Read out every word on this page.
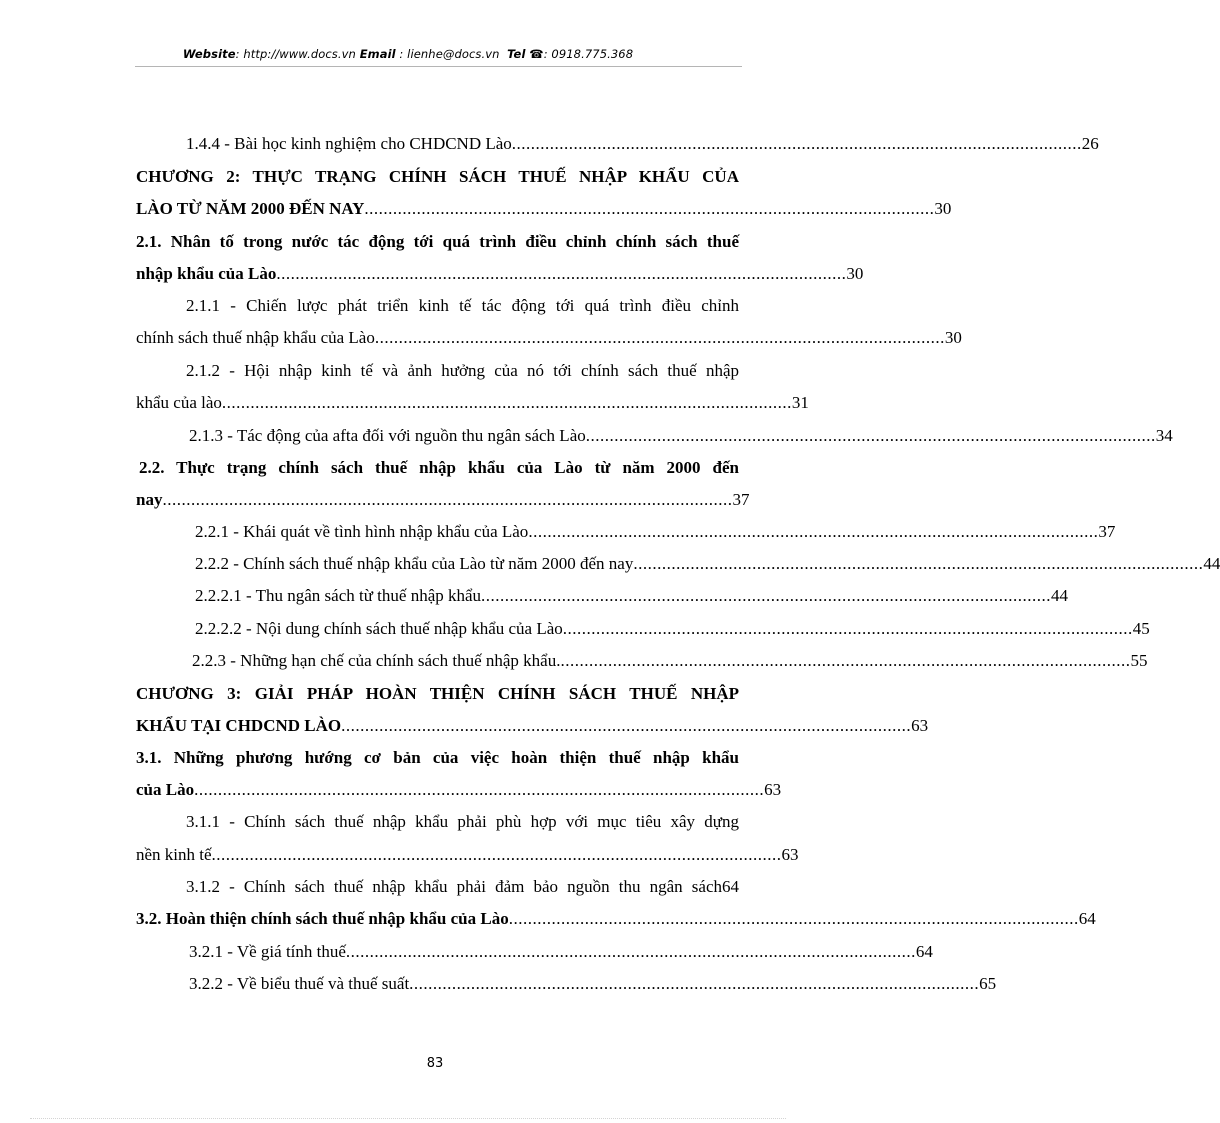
Website: http://www.docs.vn Email : lienhe@docs.vn Tel ☎: 0918.775.368
1.4.4 - Bài học kinh nghiệm cho CHDCND Lào ........................................................................................................................ 26
CHƯƠNG 2: THỰC TRẠNG CHÍNH SÁCH THUẾ NHẬP KHẨU CỦA
LÀO TỪ NĂM 2000 ĐẾN NAY ........................................................................................................................ 30
2.1. Nhân tố trong nước tác động tới quá trình điều chỉnh chính sách thuế
nhập khẩu của Lào ........................................................................................................................ 30
2.1.1 - Chiến lược phát triển kinh tế tác động tới quá trình điều chỉnh
chính sách thuế nhập khẩu của Lào ........................................................................................................................ 30
2.1.2 - Hội nhập kinh tế và ảnh hưởng của nó tới chính sách thuế nhập
khẩu của lào ........................................................................................................................ 31
2.1.3 - Tác động của afta đối với nguồn thu ngân sách Lào ........................................................................................................................ 34
2.2. Thực trạng chính sách thuế nhập khẩu của Lào từ năm 2000 đến
nay ........................................................................................................................ 37
2.2.1 - Khái quát về tình hình nhập khẩu của Lào ........................................................................................................................ 37
2.2.2 - Chính sách thuế nhập khẩu của Lào từ năm 2000 đến nay ........................................................................................................................ 44
2.2.2.1 - Thu ngân sách từ thuế nhập khẩu ........................................................................................................................ 44
2.2.2.2 - Nội dung chính sách thuế nhập khẩu của Lào ........................................................................................................................ 45
2.2.3 - Những hạn chế của chính sách thuế nhập khẩu. ........................................................................................................................ 55
CHƯƠNG 3: GIẢI PHÁP HOÀN THIỆN CHÍNH SÁCH THUẾ NHẬP
KHẨU TẠI CHDCND LÀO ........................................................................................................................ 63
3.1. Những phương hướng cơ bản của việc hoàn thiện thuế nhập khẩu
của Lào ........................................................................................................................ 63
3.1.1 - Chính sách thuế nhập khẩu phải phù hợp với mục tiêu xây dựng
nền kinh tế ........................................................................................................................ 63
3.1.2 - Chính sách thuế nhập khẩu phải đảm bảo nguồn thu ngân sách 64
3.2. Hoàn thiện chính sách thuế nhập khẩu của Lào ........................................................................................................................ 64
3.2.1 - Về giá tính thuế ........................................................................................................................ 64
3.2.2 - Về biểu thuế và thuế suất ........................................................................................................................ 65
83
